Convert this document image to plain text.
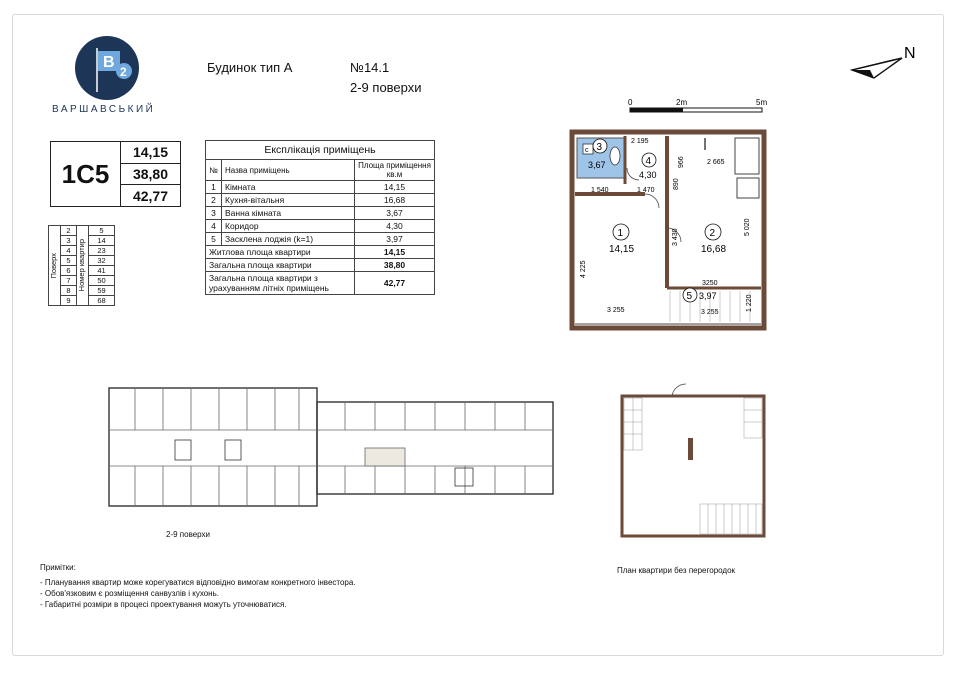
B
2
ВАРШАВСЬКИЙ
Будинок тип А	№14.1
2-9 поверхи
N
0	2m	5m
1С5
14,15
38,80
42,77
Поверх	2	Номер квартир	5
	3		14
	4		23
	5		32
	6		41
	7		50
	8		59
	9		68
Експлікація приміщень		
№	Назва приміщень	Площа приміщення кв.м
1	Кімната	14,15
2	Кухня-вітальня	16,68
3	Ванна кімната	3,67
4	Коридор	4,30
5	Засклена лоджія (k=1)	3,97
Житлова площа квартири		14,15
Загальна площа квартири		38,80
Загальна площа квартири з урахуванням літніх приміщень		42,77
с 3
3,67	4
4,30
1
14,15
2
16,68
5 3,97
2 195
966	2 665
890
1 540	1 470
5 020
3 430
4 225
3250
1 220
3 255	3 255
2-9 поверхи
План квартири без перегородок
Примітки:
- Планування квартир може корегуватися відповідно вимогам конкретного інвестора.
- Обов'язковим є розміщення санвузлів і кухонь.
- Габаритні розміри в процесі проектування можуть уточнюватися.
